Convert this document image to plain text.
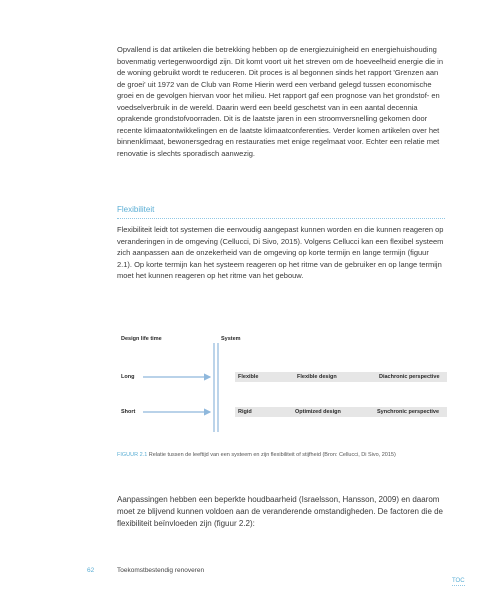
Opvallend is dat artikelen die betrekking hebben op de energiezuinigheid en energiehuishouding bovenmatig vertegenwoordigd zijn. Dit komt voort uit het streven om de hoeveelheid energie die in de woning gebruikt wordt te reduceren. Dit proces is al begonnen sinds het rapport 'Grenzen aan de groei' uit 1972 van de Club van Rome Hierin werd een verband gelegd tussen economische groei en de gevolgen hiervan voor het milieu. Het rapport gaf een prognose van het grondstof- en voedselverbruik in de wereld. Daarin werd een beeld geschetst van in een aantal decennia oprakende grondstofvoorraden. Dit is de laatste jaren in een stroomversnelling gekomen door recente klimaatontwikkelingen en de laatste klimaatconferenties. Verder komen artikelen over het binnenklimaat, bewonersgedrag en restauraties met enige regelmaat voor. Echter een relatie met renovatie is slechts sporadisch aanwezig.

Flexibiliteit

Flexibiliteit leidt tot systemen die eenvoudig aangepast kunnen worden en die kunnen reageren op veranderingen in de omgeving (Cellucci, Di Sivo, 2015). Volgens Cellucci kan een flexibel systeem zich aanpassen aan de onzekerheid van de omgeving op korte termijn en lange termijn (figuur 2.1). Op korte termijn kan het systeem reageren op het ritme van de gebruiker en op lange termijn moet het kunnen reageren op het ritme van het gebouw.

Design life time	System
Long	Flexible	Flexible design	Diachronic perspective
Short	Rigid	Optimized design	Synchronic perspective
FIGUUR 2.1 Relatie tussen de leeftijd van een systeem en zijn flexibiliteit of stijfheid (Bron: Cellucci, Di Sivo, 2015)

Aanpassingen hebben een beperkte houdbaarheid (Israelsson, Hansson, 2009) en daarom moet ze blijvend kunnen voldoen aan de veranderende omstandigheden. De factoren die de flexibiliteit beïnvloeden zijn (figuur 2.2):

62	Toekomstbestendig renoveren
TOC
